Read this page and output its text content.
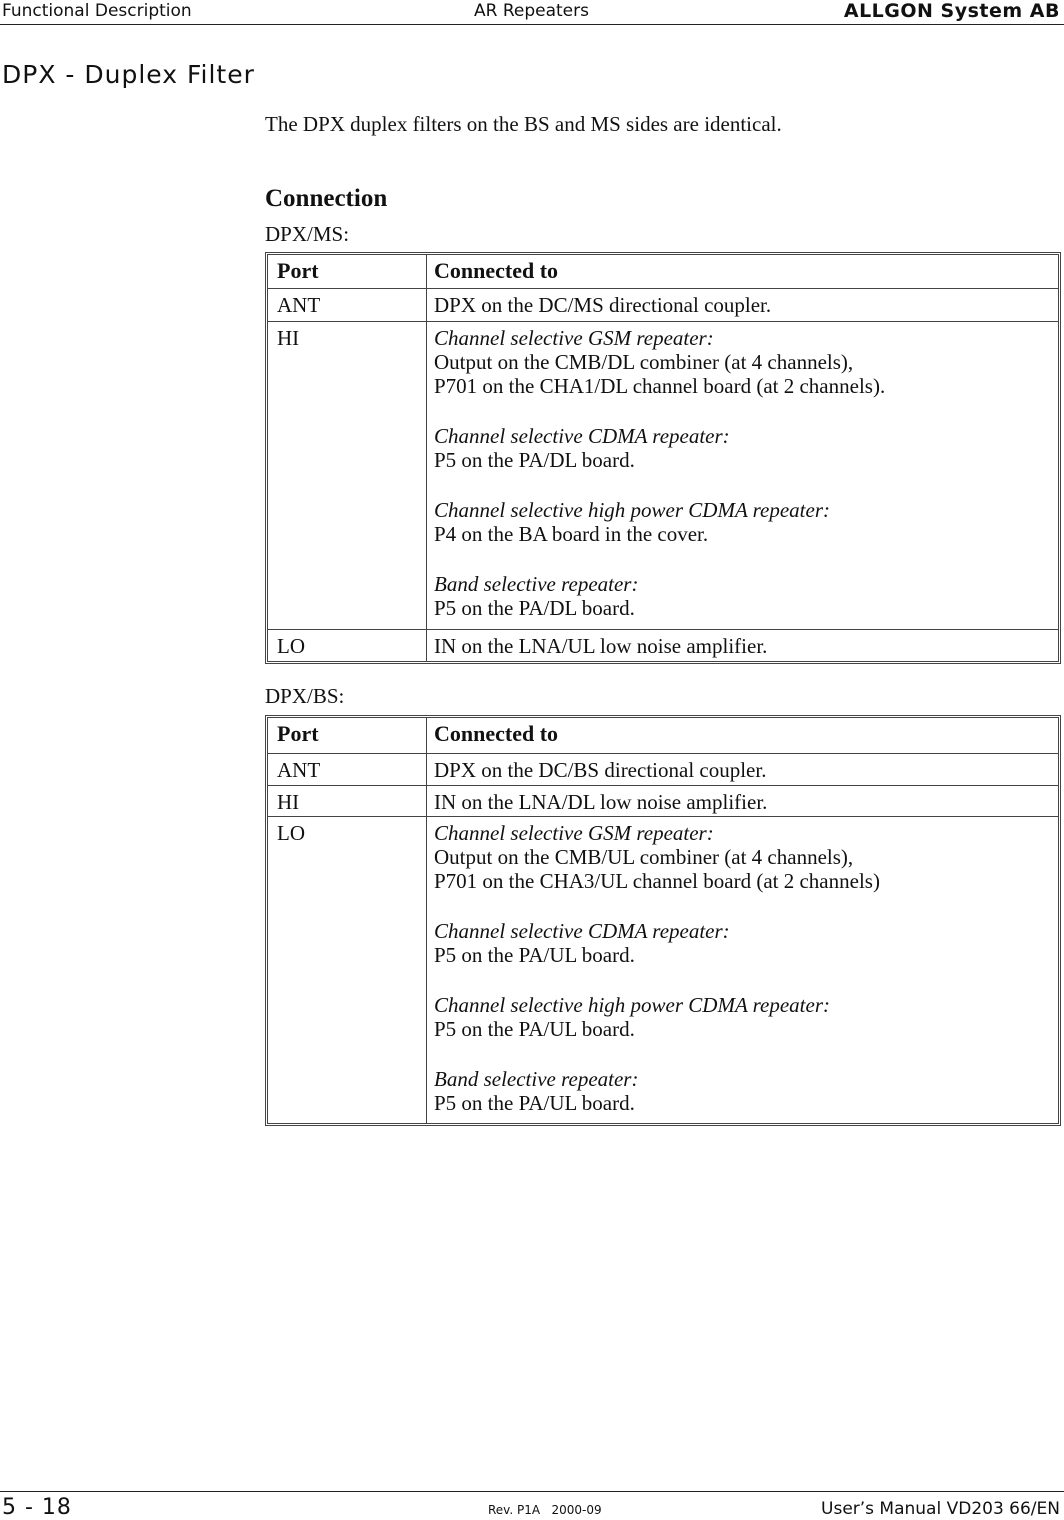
Functional Description	AR Repeaters	ALLGON System AB
DPX - Duplex Filter
The DPX duplex filters on the BS and MS sides are identical.
Connection
DPX/MS:
Port	Connected to
ANT	DPX on the DC/MS directional coupler.
HI	Channel selective GSM repeater:
Output on the CMB/DL combiner (at 4 channels),
P701 on the CHA1/DL channel board (at 2 channels).
Channel selective CDMA repeater:
P5 on the PA/DL board.
Channel selective high power CDMA repeater:
P4 on the BA board in the cover.
Band selective repeater:
P5 on the PA/DL board.
LO	IN on the LNA/UL low noise amplifier.
DPX/BS:
Port	Connected to
ANT	DPX on the DC/BS directional coupler.
HI	IN on the LNA/DL low noise amplifier.
LO	Channel selective GSM repeater:
Output on the CMB/UL combiner (at 4 channels),
P701 on the CHA3/UL channel board (at 2 channels)
Channel selective CDMA repeater:
P5 on the PA/UL board.
Channel selective high power CDMA repeater:
P5 on the PA/UL board.
Band selective repeater:
P5 on the PA/UL board.
5 - 18	Rev. P1A   2000-09	User’s Manual VD203 66/EN
